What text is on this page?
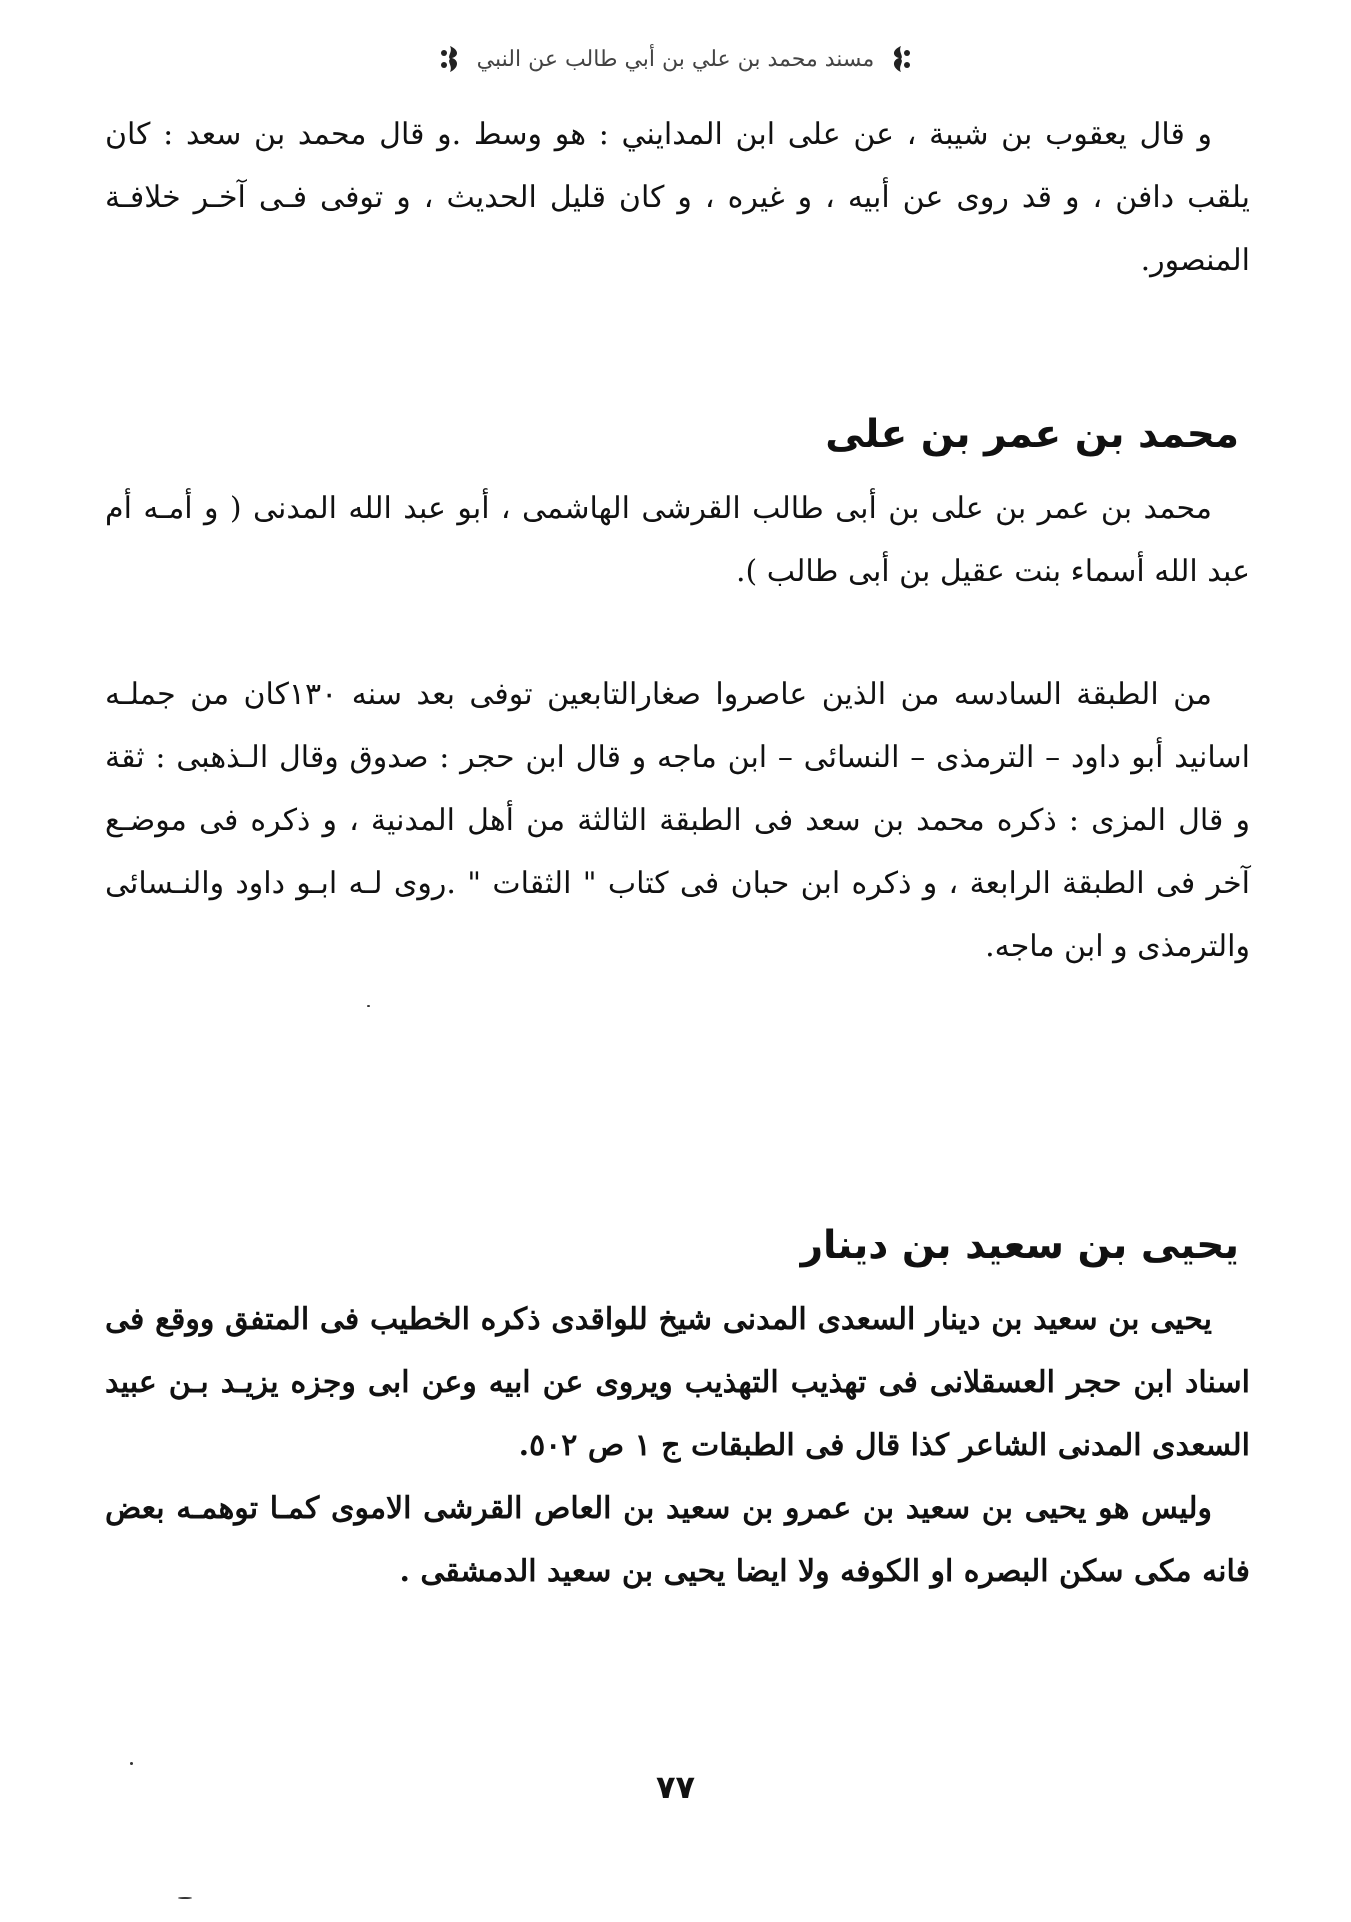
مسند محمد بن علي بن أبي طالب عن النبي

و قال يعقوب بن شيبة ، عن على ابن المدايني : هو وسط .و قال محمد بن سعد : كان يلقب دافن ، و قد روى عن أبيه ، و غيره ، و كان قليل الحديث ، و توفى فـى آخـر خلافـة المنصور.

محمد بن عمر بن على

محمد بن عمر بن على بن أبى طالب القرشى الهاشمى ، أبو عبد الله المدنى ( و أمـه أم عبد الله أسماء بنت عقيل بن أبى طالب ).

من الطبقة السادسه من الذين عاصروا صغارالتابعين توفى بعد سنه ١٣٠كان من جملـه اسانيد أبو داود – الترمذى – النسائى – ابن ماجه و قال ابن حجر : صدوق وقال الـذهبى : ثقة و قال المزى : ذكره محمد بن سعد فى الطبقة الثالثة من أهل المدنية ، و ذكره فى موضـع آخر فى الطبقة الرابعة ، و ذكره ابن حبان فى كتاب " الثقات " .روى لـه ابـو داود والنـسائى والترمذى و ابن ماجه.

يحيى بن سعيد بن دينار

يحيى بن سعيد بن دينار السعدى المدنى شيخ للواقدى ذكره الخطيب فى المتفق ووقع فى اسناد ابن حجر العسقلانى فى تهذيب التهذيب ويروى عن ابيه وعن ابى وجزه يزيـد بـن عبيد السعدى المدنى الشاعر كذا قال فى الطبقات ج ١ ص ٥٠٢.

وليس هو يحيى بن سعيد بن عمرو بن سعيد بن العاص القرشى الاموى كمـا توهمـه بعض فانه مكى سكن البصره او الكوفه ولا ايضا يحيى بن سعيد الدمشقى .

٧٧
